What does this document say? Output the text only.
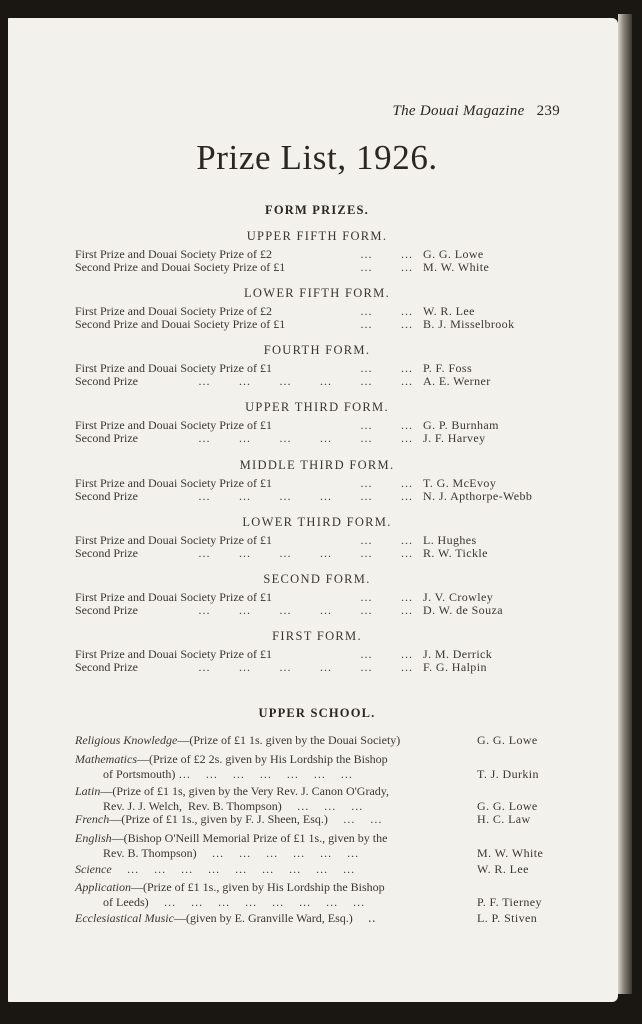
The Douai Magazine 239
Prize List, 1926.
FORM PRIZES.
UPPER FIFTH FORM.
First Prize and Douai Society Prize of £2	…        … G. G. Lowe
Second Prize and Douai Society Prize of £1	…        … M. W. White
LOWER FIFTH FORM.
First Prize and Douai Society Prize of £2	…        … W. R. Lee
Second Prize and Douai Society Prize of £1	…        … B. J. Misselbrook
FOURTH FORM.
First Prize and Douai Society Prize of £1	…        … P. F. Foss
Second Prize	…        …        …        …        …        … A. E. Werner
UPPER THIRD FORM.
First Prize and Douai Society Prize of £1	…        … G. P. Burnham
Second Prize	…        …        …        …        …        … J. F. Harvey
MIDDLE THIRD FORM.
First Prize and Douai Society Prize of £1	…        … T. G. McEvoy
Second Prize	…        …        …        …        …        … N. J. Apthorpe-Webb
LOWER THIRD FORM.
First Prize and Douai Society Prize of £1	…        … L. Hughes
Second Prize	…        …        …        …        …        … R. W. Tickle
SECOND FORM.
First Prize and Douai Society Prize of £1	…        … J. V. Crowley
Second Prize	…        …        …        …        …        … D. W. de Souza
FIRST FORM.
First Prize and Douai Society Prize of £1	…        … J. M. Derrick
Second Prize	…        …        …        …        …        … F. G. Halpin
UPPER SCHOOL.
Religious Knowledge—(Prize of £1 1s. given by the Douai Society)	G. G. Lowe
Mathematics—(Prize of £2 2s. given by His Lordship the Bishop
of Portsmouth) …     …     …     …     …     …     …	T. J. Durkin
Latin—(Prize of £1 1s, given by the Very Rev. J. Canon O'Grady,
Rev. J. J. Welch,  Rev. B. Thompson)     …     …     …	G. G. Lowe
French—(Prize of £1 1s., given by F. J. Sheen, Esq.)     …     …	H. C. Law
English—(Bishop O'Neill Memorial Prize of £1 1s., given by the
Rev. B. Thompson)     …     …     …     …     …     …	M. W. White
Science     …     …     …     …     …     …     …     …     …	W. R. Lee
Application—(Prize of £1 1s., given by His Lordship the Bishop
of Leeds)     …     …     …     …     …     …     …     …	P. F. Tierney
Ecclesiastical Music—(given by E. Granville Ward, Esq.)     ‥	L. P. Stiven
